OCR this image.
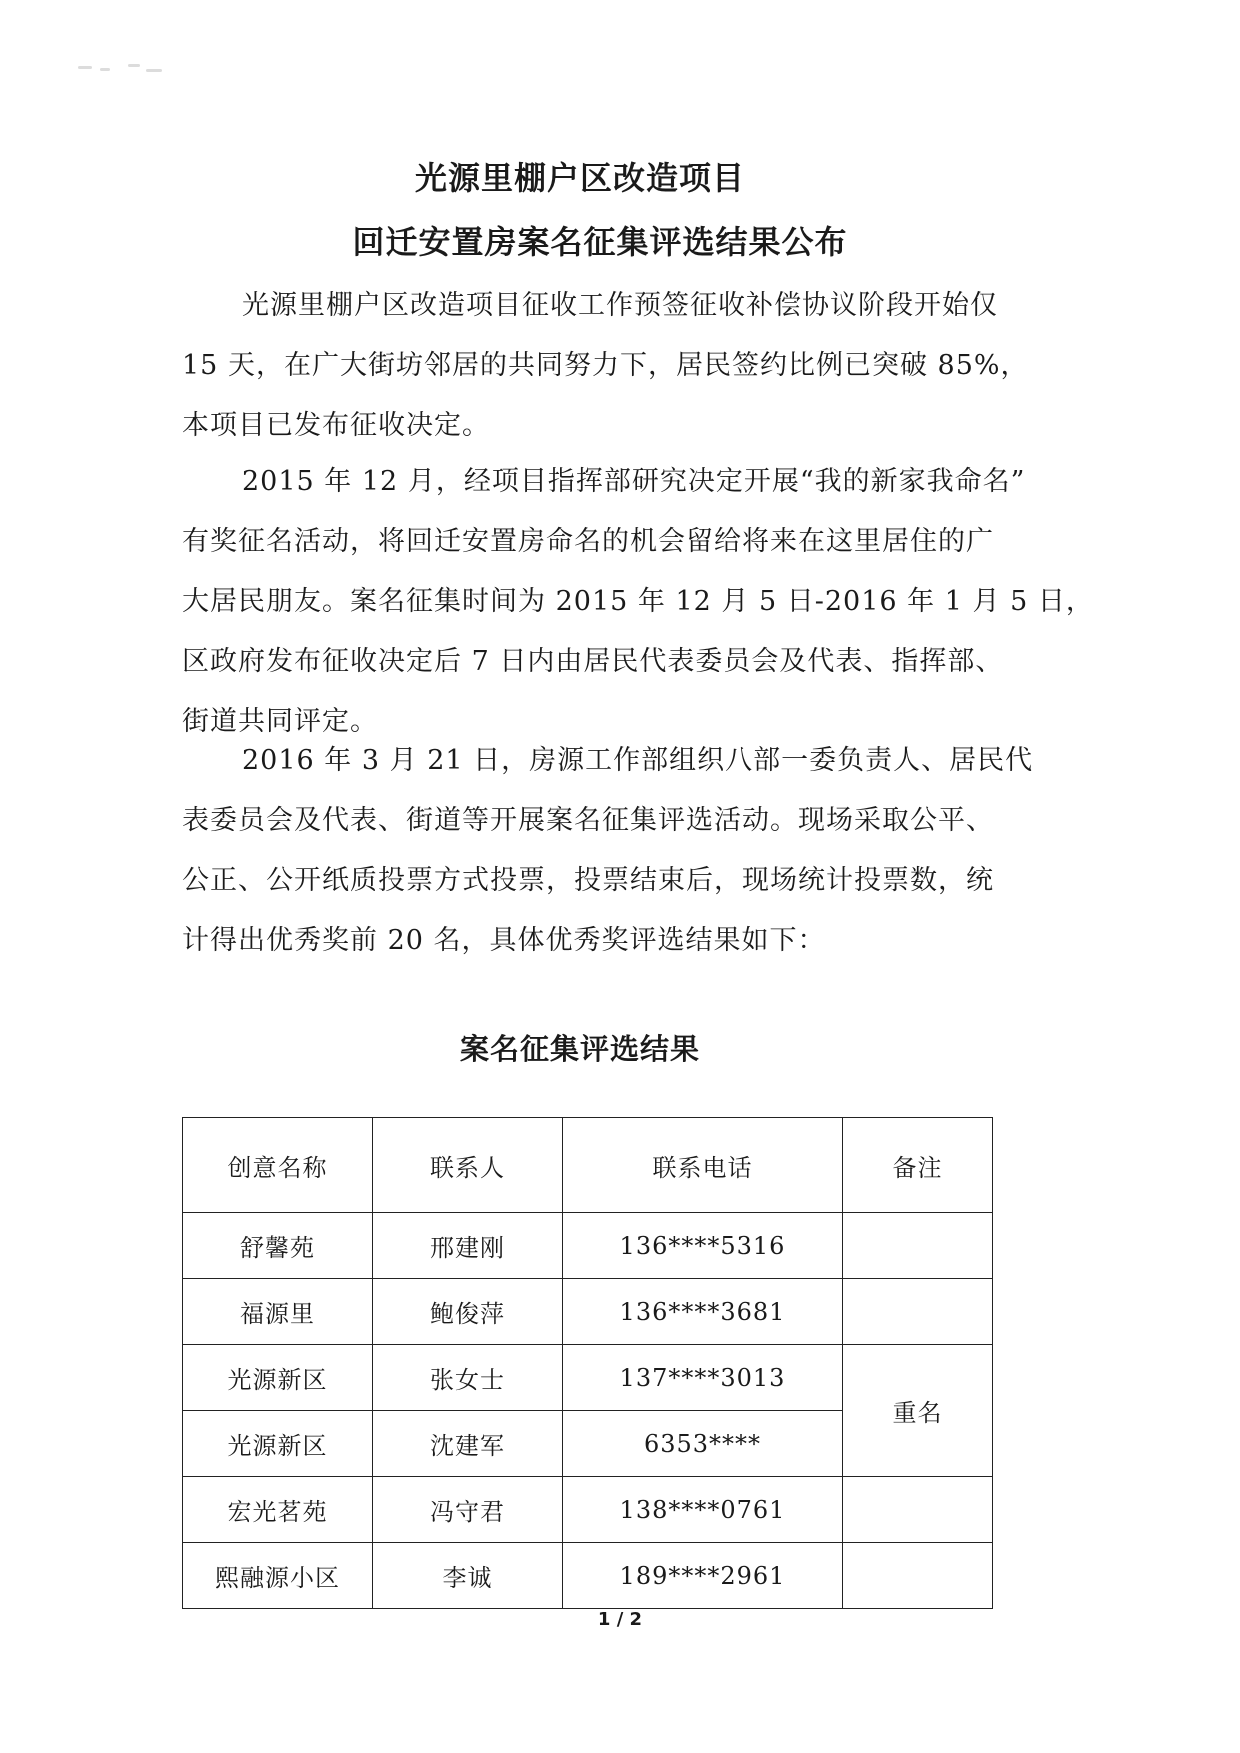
光源里棚户区改造项目
回迁安置房案名征集评选结果公布
光源里棚户区改造项目征收工作预签征收补偿协议阶段开始仅
15 天，在广大街坊邻居的共同努力下，居民签约比例已突破 85%，
本项目已发布征收决定。
2015 年 12 月，经项目指挥部研究决定开展“我的新家我命名”
有奖征名活动，将回迁安置房命名的机会留给将来在这里居住的广
大居民朋友。案名征集时间为 2015 年 12 月 5 日-2016 年 1 月 5 日，
区政府发布征收决定后 7 日内由居民代表委员会及代表、指挥部、
街道共同评定。
2016 年 3 月 21 日，房源工作部组织八部一委负责人、居民代
表委员会及代表、街道等开展案名征集评选活动。现场采取公平、
公正、公开纸质投票方式投票，投票结束后，现场统计投票数，统
计得出优秀奖前 20 名，具体优秀奖评选结果如下：
案名征集评选结果
创意名称	联系人	联系电话	备注
舒馨苑	邢建刚	136****5316	
福源里	鲍俊萍	136****3681	
光源新区	张女士	137****3013	重名
光源新区	沈建军	6353****	
宏光茗苑	冯守君	138****0761	
熙融源小区	李诚	189****2961	
1 / 2
